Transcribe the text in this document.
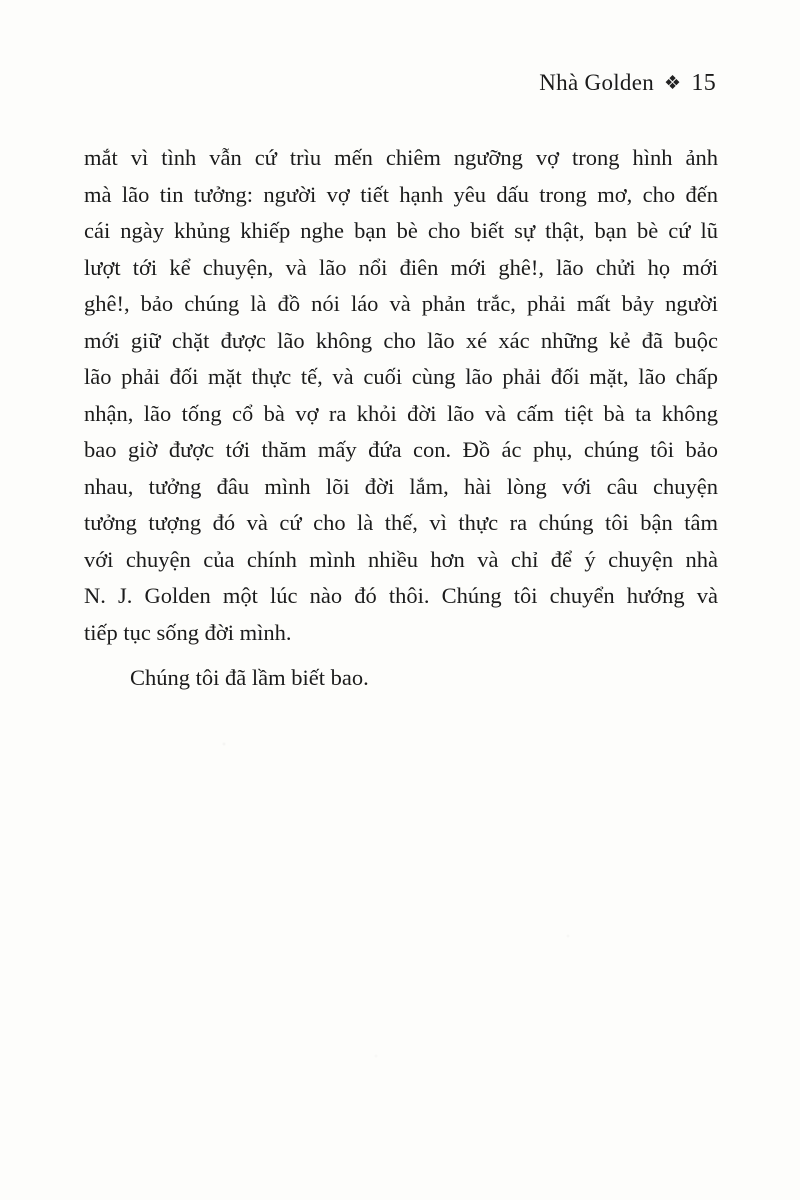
Nhà Golden ❖ 15
mắt vì tình vẫn cứ trìu mến chiêm ngưỡng vợ trong hình ảnh
mà lão tin tưởng: người vợ tiết hạnh yêu dấu trong mơ, cho đến
cái ngày khủng khiếp nghe bạn bè cho biết sự thật, bạn bè cứ lũ
lượt tới kể chuyện, và lão nổi điên mới ghê!, lão chửi họ mới
ghê!, bảo chúng là đồ nói láo và phản trắc, phải mất bảy người
mới giữ chặt được lão không cho lão xé xác những kẻ đã buộc
lão phải đối mặt thực tế, và cuối cùng lão phải đối mặt, lão chấp
nhận, lão tống cổ bà vợ ra khỏi đời lão và cấm tiệt bà ta không
bao giờ được tới thăm mấy đứa con. Đồ ác phụ, chúng tôi bảo
nhau, tưởng đâu mình lõi đời lắm, hài lòng với câu chuyện
tưởng tượng đó và cứ cho là thế, vì thực ra chúng tôi bận tâm
với chuyện của chính mình nhiều hơn và chỉ để ý chuyện nhà
N. J. Golden một lúc nào đó thôi. Chúng tôi chuyển hướng và
tiếp tục sống đời mình.

Chúng tôi đã lầm biết bao.
